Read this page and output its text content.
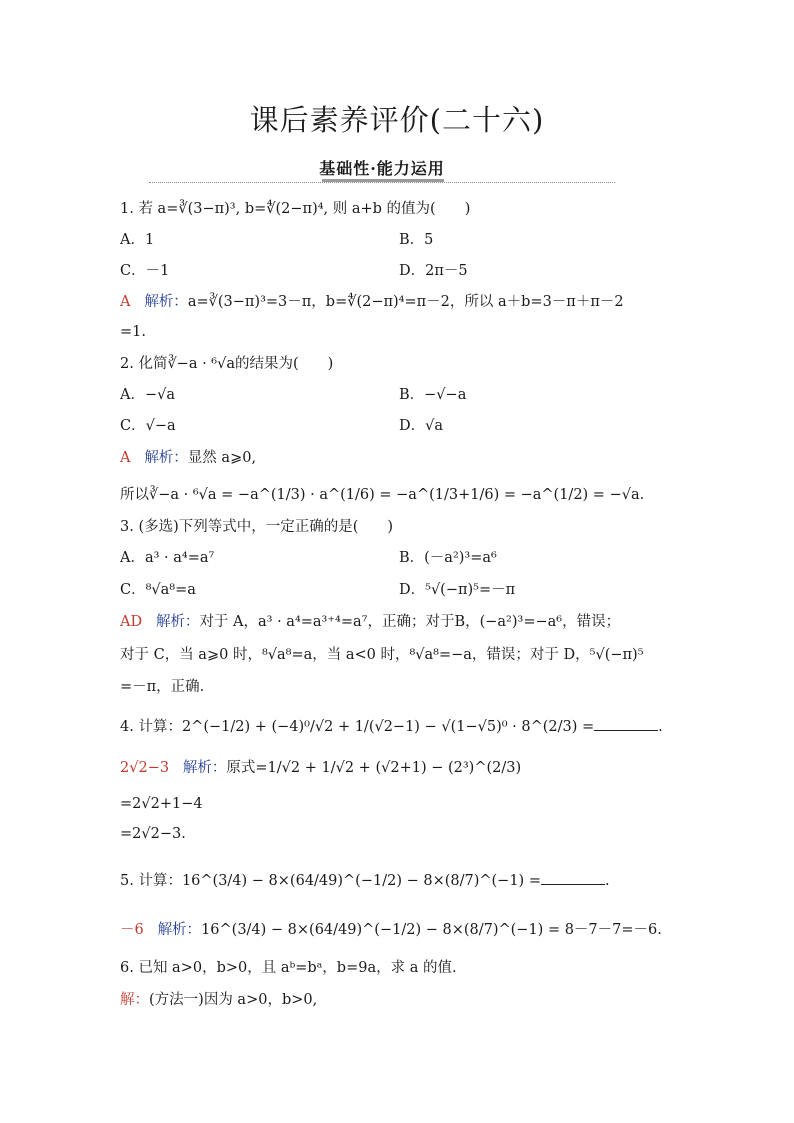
课后素养评价(二十六)
基础性·能力运用
1. 若 a=∛(3−π)³, b=∜(2−π)⁴, 则 a+b 的值为(　　)
A．1	B．5
C．－1	D．2π－5
A 解析：a=∛(3−π)³=3－π，b=∜(2−π)⁴=π－2，所以 a＋b=3－π＋π－2
=1.
2. 化简∛−a · ⁶√a的结果为(　　)
A．−√a	B．−√−a
C．√−a	D．√a
A 解析：显然 a⩾0,
所以∛−a · ⁶√a = −a^(1/3) · a^(1/6) = −a^(1/3+1/6) = −a^(1/2) = −√a.
3. (多选)下列等式中，一定正确的是(　　)
A．a³ · a⁴=a⁷	B．(－a²)³=a⁶
C．⁸√a⁸=a	D．⁵√(−π)⁵=－π
AD 解析：对于 A，a³ · a⁴=a³⁺⁴=a⁷，正确；对于B，(−a²)³=−a⁶，错误；
对于 C，当 a⩾0 时，⁸√a⁸=a，当 a<0 时，⁸√a⁸=−a，错误；对于 D，⁵√(−π)⁵
=－π，正确.
4. 计算：2^(−1/2) + (−4)⁰/√2 + 1/(√2−1) − √(1−√5)⁰ · 8^(2/3) =	.
2√2−3 解析：原式=1/√2 + 1/√2 + (√2+1) − (2³)^(2/3)
=2√2+1−4
=2√2−3.
5. 计算：16^(3/4) − 8×(64/49)^(−1/2) − 8×(8/7)^(−1) =	.
－6 解析：16^(3/4) − 8×(64/49)^(−1/2) − 8×(8/7)^(−1) = 8－7－7=－6.
6. 已知 a>0，b>0，且 aᵇ=bᵃ，b=9a，求 a 的值.
解：(方法一)因为 a>0，b>0,
